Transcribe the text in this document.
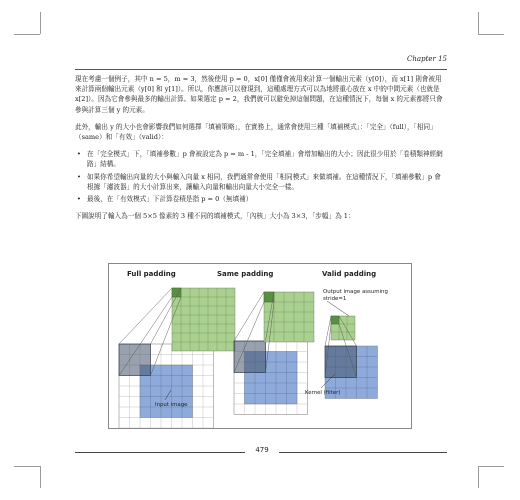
Chapter 15

現在考慮一個例子，其中 n = 5，m = 3，然後使用 p = 0，x[0] 僅僅會被用來計算一個輸出元素（y[0]），而 x[1] 則會被用來計算兩個輸出元素（y[0] 和 y[1]）。所以，你應該可以發現到，這種處理方式可以為地將重心放在 x 中的中間元素（也就是 x[2]）。因為它會參與最多的輸出計算。如果選定 p = 2，我們就可以避免掉這個問題，在這種情況下，每個 x 的元素都將只會參與計算三個 y 的元素。

此外，輸出 y 的大小也會影響我們如何選擇「填補策略」，在實務上，通常會使用三種「填補模式」：「完全」（full），「相同」（same）和「有效」（valid）：

• 在「完全模式」下，「填補參數」p 會被設定為 p = m - 1，「完全填補」會增加輸出的大小；因此很少用於「卷積類神經網路」結構。
• 如果你希望輸出向量的大小與輸入向量 x 相同，我們通常會使用「相同模式」來做填補。在這種情況下，「填補參數」p 會根據「濾波器」的大小計算出來，讓輸入向量和輸出向量大小完全一樣。
• 最後，在「有效模式」下計算卷積是指 p = 0（無填補）

下圖說明了輸入為一個 5×5 像素的 3 種不同的填補模式，「內核」大小為 3×3，「步幅」為 1：

Full padding	Same padding	Valid padding
Output image assuming
stride=1
Input image
Kernel (filter)
479
